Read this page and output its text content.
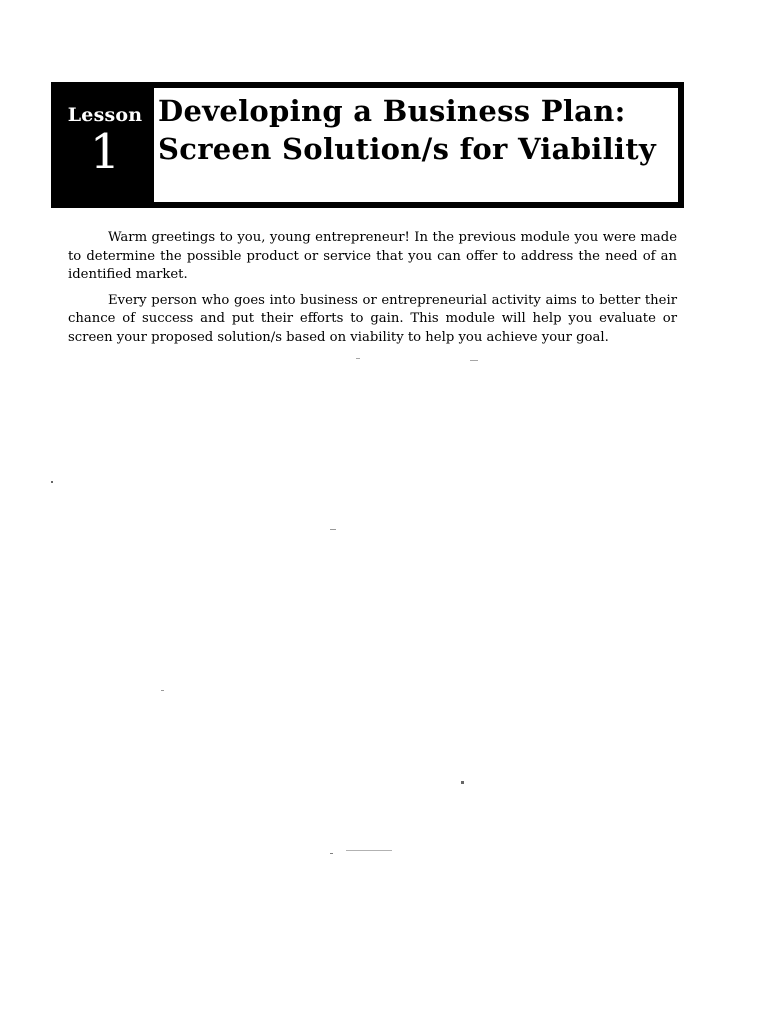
Lesson
1
Developing a Business Plan: Screen Solution/s for Viability

Warm greetings to you, young entrepreneur! In the previous module you were made to determine the possible product or service that you can offer to address the need of an identified market.

Every person who goes into business or entrepreneurial activity aims to better their chance of success and put their efforts to gain. This module will help you evaluate or screen your proposed solution/s based on viability to help you achieve your goal.
